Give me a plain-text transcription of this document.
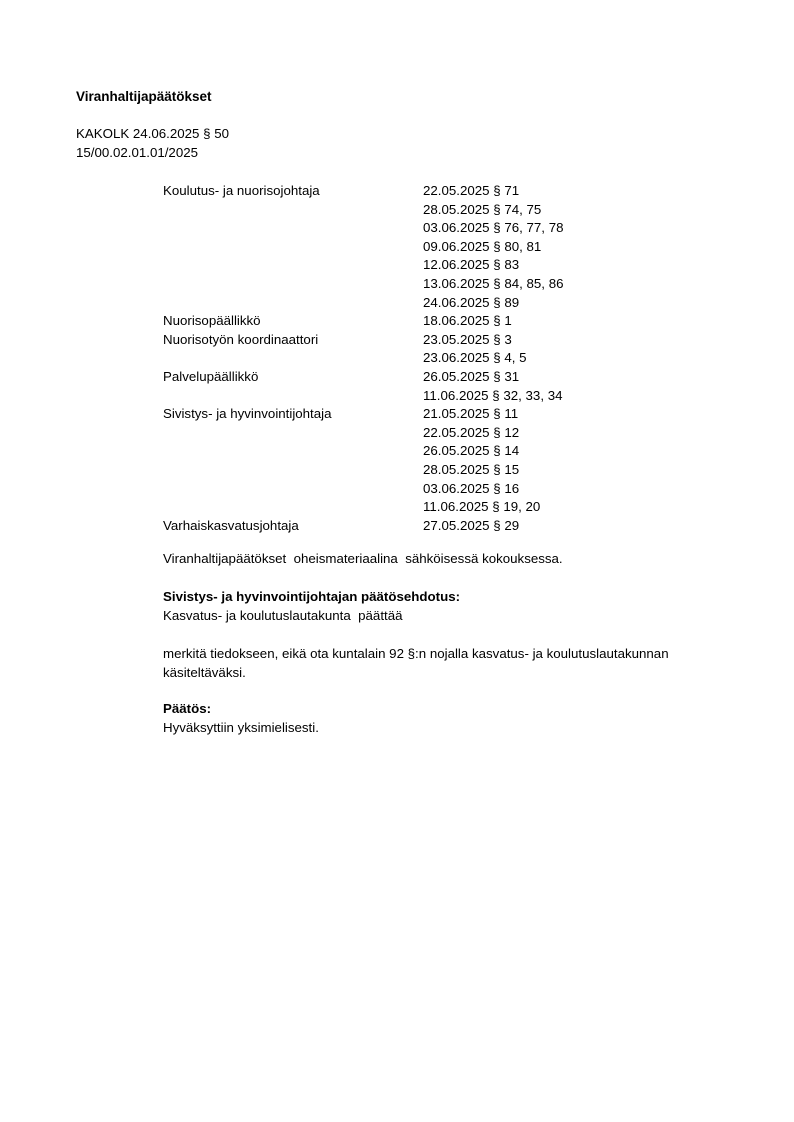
Viranhaltijapäätökset
KAKOLK 24.06.2025 § 50
15/00.02.01.01/2025
Koulutus- ja nuorisojohtaja	22.05.2025 § 71
28.05.2025 § 74, 75
03.06.2025 § 76, 77, 78
09.06.2025 § 80, 81
12.06.2025 § 83
13.06.2025 § 84, 85, 86
24.06.2025 § 89
Nuorisopäällikkö	18.06.2025 § 1
Nuorisotyön koordinaattori	23.05.2025 § 3
23.06.2025 § 4, 5
Palvelupäällikkö	26.05.2025 § 31
11.06.2025 § 32, 33, 34
Sivistys- ja hyvinvointijohtaja	21.05.2025 § 11
22.05.2025 § 12
26.05.2025 § 14
28.05.2025 § 15
03.06.2025 § 16
11.06.2025 § 19, 20
Varhaiskasvatusjohtaja	27.05.2025 § 29
Viranhaltijapäätökset  oheismateriaalina  sähköisessä kokouksessa.
Sivistys- ja hyvinvointijohtajan päätösehdotus:
Kasvatus- ja koulutuslautakunta  päättää
merkitä tiedokseen, eikä ota kuntalain 92 §:n nojalla kasvatus- ja koulutuslautakunnan käsiteltäväksi.
Päätös:
Hyväksyttiin yksimielisesti.
